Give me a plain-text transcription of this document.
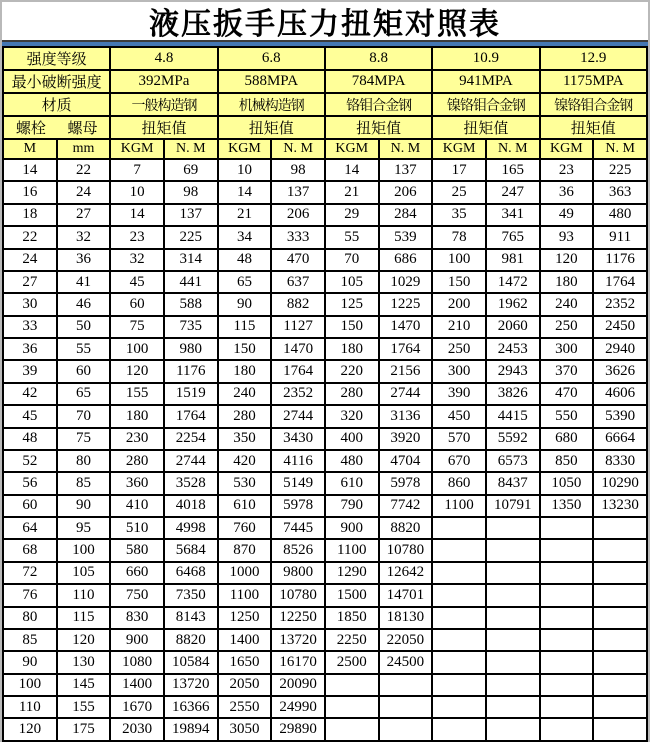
液压扳手压力扭矩对照表
强度等级		4.8		6.8		8.8		10.9		12.9	
最小破断强度		392MPa		588MPA		784MPA		941MPA		1175MPA	
材质		一般构造钢		机械构造钢		铬钼合金钢		镍铬钼合金钢		镍铬钼合金钢	

螺栓 螺母		扭矩值		扭矩值		扭矩值		扭矩值		扭矩值	
M	mm	KGM	N. M	KGM	N. M	KGM	N. M	KGM	N. M	KGM	N. M
14	22	7	69	10	98	14	137	17	165	23	225
16	24	10	98	14	137	21	206	25	247	36	363
18	27	14	137	21	206	29	284	35	341	49	480
22	32	23	225	34	333	55	539	78	765	93	911
24	36	32	314	48	470	70	686	100	981	120	1176
27	41	45	441	65	637	105	1029	150	1472	180	1764
30	46	60	588	90	882	125	1225	200	1962	240	2352
33	50	75	735	115	1127	150	1470	210	2060	250	2450
36	55	100	980	150	1470	180	1764	250	2453	300	2940
39	60	120	1176	180	1764	220	2156	300	2943	370	3626
42	65	155	1519	240	2352	280	2744	390	3826	470	4606
45	70	180	1764	280	2744	320	3136	450	4415	550	5390
48	75	230	2254	350	3430	400	3920	570	5592	680	6664
52	80	280	2744	420	4116	480	4704	670	6573	850	8330
56	85	360	3528	530	5149	610	5978	860	8437	1050	10290
60	90	410	4018	610	5978	790	7742	1100	10791	1350	13230
64	95	510	4998	760	7445	900	8820				
68	100	580	5684	870	8526	1100	10780				
72	105	660	6468	1000	9800	1290	12642				
76	110	750	7350	1100	10780	1500	14701				
80	115	830	8143	1250	12250	1850	18130				
85	120	900	8820	1400	13720	2250	22050				
90	130	1080	10584	1650	16170	2500	24500				
100	145	1400	13720	2050	20090						
110	155	1670	16366	2550	24990						
120	175	2030	19894	3050	29890						
